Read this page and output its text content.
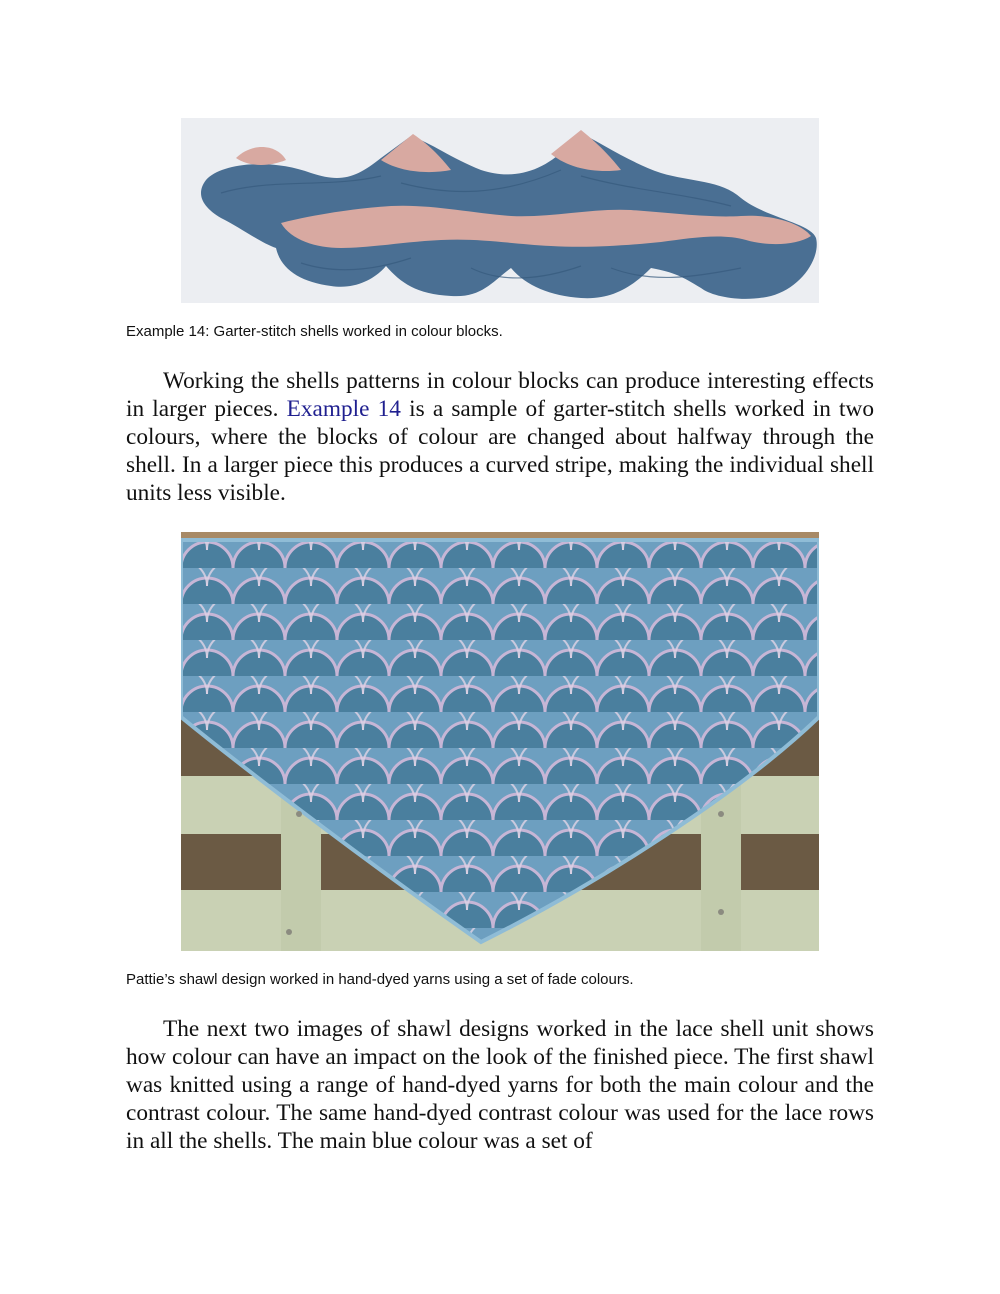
Example 14: Garter-stitch shells worked in colour blocks.

Working the shells patterns in colour blocks can produce interesting effects in larger pieces. Example 14 is a sample of garter-stitch shells worked in two colours, where the blocks of colour are changed about halfway through the shell. In a larger piece this produces a curved stripe, making the individual shell units less visible.

Pattie’s shawl design worked in hand-dyed yarns using a set of fade colours.

The next two images of shawl designs worked in the lace shell unit shows how colour can have an impact on the look of the finished piece. The first shawl was knitted using a range of hand-dyed yarns for both the main colour and the contrast colour. The same hand-dyed contrast colour was used for the lace rows in all the shells. The main blue colour was a set of
